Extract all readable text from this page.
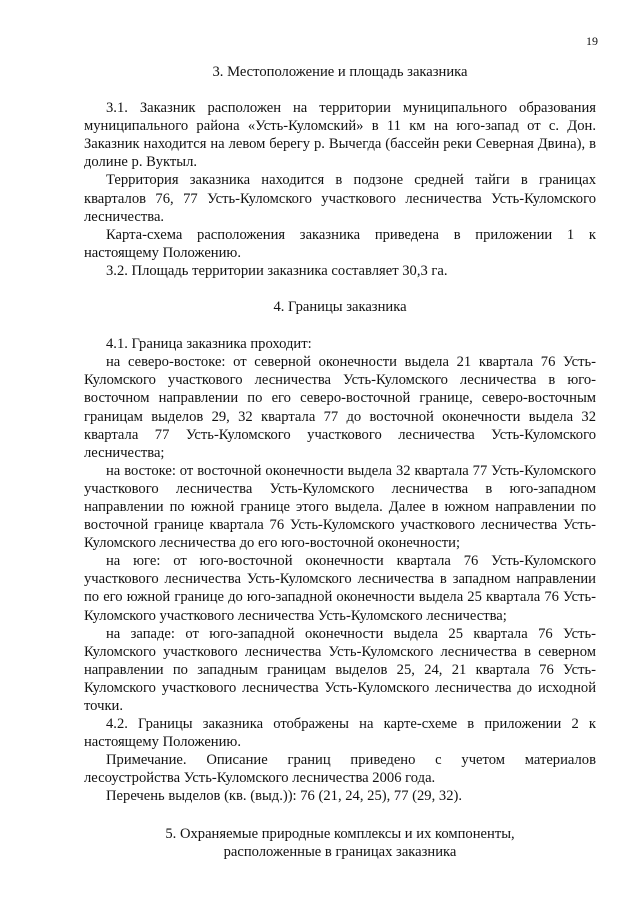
19

3. Местоположение и площадь заказника

3.1. Заказник расположен на территории муниципального образования муниципального района «Усть-Куломский» в 11 км на юго-запад от с. Дон. Заказник находится на левом берегу р. Вычегда (бассейн реки Северная Двина), в долине р. Вуктыл.

Территория заказника находится в подзоне средней тайги в границах кварталов 76, 77 Усть-Куломского участкового лесничества Усть-Куломского лесничества.

Карта-схема расположения заказника приведена в приложении 1 к настоящему Положению.

3.2. Площадь территории заказника составляет 30,3 га.

4. Границы заказника

4.1. Граница заказника проходит:

на северо-востоке: от северной оконечности выдела 21 квартала 76 Усть-Куломского участкового лесничества Усть-Куломского лесничества в юго-восточном направлении по его северо-восточной границе, северо-восточным границам выделов 29, 32 квартала 77 до восточной оконечности выдела 32 квартала 77 Усть-Куломского участкового лесничества Усть-Куломского лесничества;

на востоке: от восточной оконечности выдела 32 квартала 77 Усть-Куломского участкового лесничества Усть-Куломского лесничества в юго-западном направлении по южной границе этого выдела. Далее в южном направлении по восточной границе квартала 76 Усть-Куломского участкового лесничества Усть-Куломского лесничества до его юго-восточной оконечности;

на юге: от юго-восточной оконечности квартала 76 Усть-Куломского участкового лесничества Усть-Куломского лесничества в западном направлении по его южной границе до юго-западной оконечности выдела 25 квартала 76 Усть-Куломского участкового лесничества Усть-Куломского лесничества;

на западе: от юго-западной оконечности выдела 25 квартала 76 Усть-Куломского участкового лесничества Усть-Куломского лесничества в северном направлении по западным границам выделов 25, 24, 21 квартала 76 Усть-Куломского участкового лесничества Усть-Куломского лесничества до исходной точки.

4.2. Границы заказника отображены на карте-схеме в приложении 2 к настоящему Положению.

Примечание. Описание границ приведено с учетом материалов лесоустройства Усть-Куломского лесничества 2006 года.

Перечень выделов (кв. (выд.)): 76 (21, 24, 25), 77 (29, 32).

5. Охраняемые природные комплексы и их компоненты,

расположенные в границах заказника
